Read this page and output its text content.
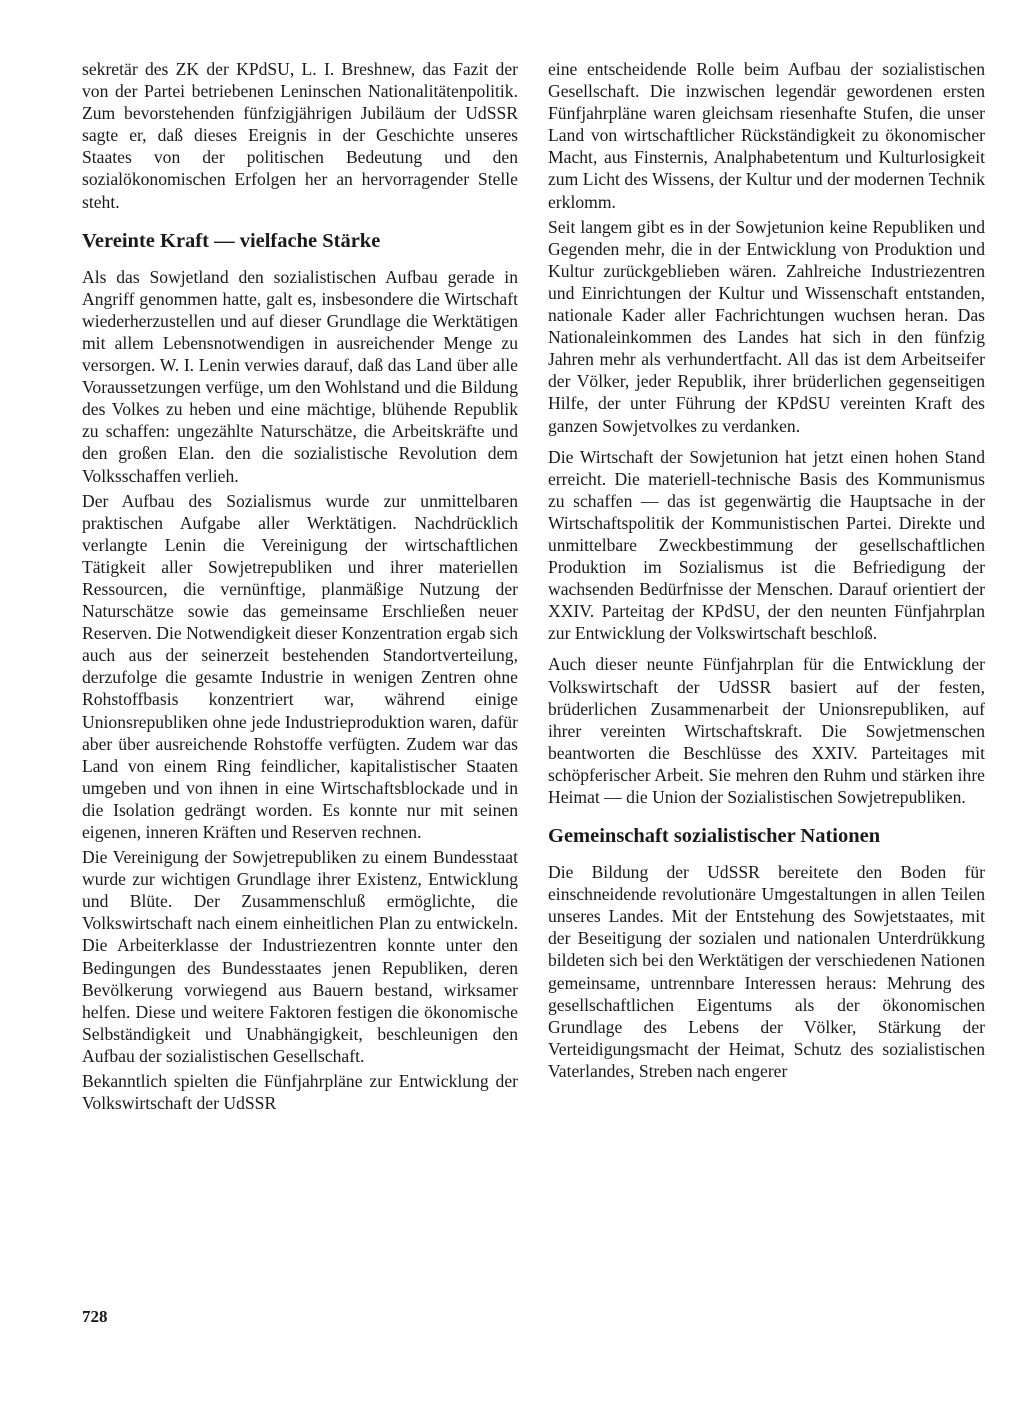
sekretär des ZK der KPdSU, L. I. Breshnew, das Fazit der von der Partei betriebenen Leninschen Nationalitätenpolitik. Zum bevorstehenden fünfzigjährigen Jubiläum der UdSSR sagte er, daß dieses Ereignis in der Geschichte unseres Staates von der politischen Bedeutung und den sozialökonomischen Erfolgen her an hervorragender Stelle steht.

Vereinte Kraft — vielfache Stärke

Als das Sowjetland den sozialistischen Aufbau gerade in Angriff genommen hatte, galt es, insbesondere die Wirtschaft wiederherzustellen und auf dieser Grundlage die Werktätigen mit allem Lebensnotwendigen in ausreichender Menge zu versorgen. W. I. Lenin verwies darauf, daß das Land über alle Voraussetzungen verfüge, um den Wohlstand und die Bildung des Volkes zu heben und eine mächtige, blühende Republik zu schaffen: ungezählte Naturschätze, die Arbeitskräfte und den großen Elan. den die sozialistische Revolution dem Volksschaffen verlieh.

Der Aufbau des Sozialismus wurde zur unmittelbaren praktischen Aufgabe aller Werktätigen. Nachdrücklich verlangte Lenin die Vereinigung der wirtschaftlichen Tätigkeit aller Sowjetrepubliken und ihrer materiellen Ressourcen, die vernünftige, planmäßige Nutzung der Naturschätze sowie das gemeinsame Erschließen neuer Reserven. Die Notwendigkeit dieser Konzentration ergab sich auch aus der seinerzeit bestehenden Standortverteilung, derzufolge die gesamte Industrie in wenigen Zentren ohne Rohstoffbasis konzentriert war, während einige Unionsrepubliken ohne jede Industrieproduktion waren, dafür aber über ausreichende Rohstoffe verfügten. Zudem war das Land von einem Ring feindlicher, kapitalistischer Staaten umgeben und von ihnen in eine Wirtschaftsblockade und in die Isolation gedrängt worden. Es konnte nur mit seinen eigenen, inneren Kräften und Reserven rechnen.

Die Vereinigung der Sowjetrepubliken zu einem Bundesstaat wurde zur wichtigen Grundlage ihrer Existenz, Entwicklung und Blüte. Der Zusammenschluß ermöglichte, die Volkswirtschaft nach einem einheitlichen Plan zu entwickeln. Die Arbeiterklasse der Industriezentren konnte unter den Bedingungen des Bundesstaates jenen Republiken, deren Bevölkerung vorwiegend aus Bauern bestand, wirksamer helfen. Diese und weitere Faktoren festigen die ökonomische Selbständigkeit und Unabhängigkeit, beschleunigen den Aufbau der sozialistischen Gesellschaft.

Bekanntlich spielten die Fünfjahrpläne zur Entwicklung der Volkswirtschaft der UdSSR

eine entscheidende Rolle beim Aufbau der sozialistischen Gesellschaft. Die inzwischen legendär gewordenen ersten Fünfjahrpläne waren gleichsam riesenhafte Stufen, die unser Land von wirtschaftlicher Rückständigkeit zu ökonomischer Macht, aus Finsternis, Analphabetentum und Kulturlosigkeit zum Licht des Wissens, der Kultur und der modernen Technik erklomm.

Seit langem gibt es in der Sowjetunion keine Republiken und Gegenden mehr, die in der Entwicklung von Produktion und Kultur zurückgeblieben wären. Zahlreiche Industriezentren und Einrichtungen der Kultur und Wissenschaft entstanden, nationale Kader aller Fachrichtungen wuchsen heran. Das Nationaleinkommen des Landes hat sich in den fünfzig Jahren mehr als verhundertfacht. All das ist dem Arbeitseifer der Völker, jeder Republik, ihrer brüderlichen gegenseitigen Hilfe, der unter Führung der KPdSU vereinten Kraft des ganzen Sowjetvolkes zu verdanken.

Die Wirtschaft der Sowjetunion hat jetzt einen hohen Stand erreicht. Die materiell-technische Basis des Kommunismus zu schaffen — das ist gegenwärtig die Hauptsache in der Wirtschaftspolitik der Kommunistischen Partei. Direkte und unmittelbare Zweckbestimmung der gesellschaftlichen Produktion im Sozialismus ist die Befriedigung der wachsenden Bedürfnisse der Menschen. Darauf orientiert der XXIV. Parteitag der KPdSU, der den neunten Fünfjahrplan zur Entwicklung der Volkswirtschaft beschloß.

Auch dieser neunte Fünfjahrplan für die Entwicklung der Volkswirtschaft der UdSSR basiert auf der festen, brüderlichen Zusammenarbeit der Unionsrepubliken, auf ihrer vereinten Wirtschaftskraft. Die Sowjetmenschen beantworten die Beschlüsse des XXIV. Parteitages mit schöpferischer Arbeit. Sie mehren den Ruhm und stärken ihre Heimat — die Union der Sozialistischen Sowjetrepubliken.

Gemeinschaft sozialistischer Nationen

Die Bildung der UdSSR bereitete den Boden für einschneidende revolutionäre Umgestaltungen in allen Teilen unseres Landes. Mit der Entstehung des Sowjetstaates, mit der Beseitigung der sozialen und nationalen Unterdrükkung bildeten sich bei den Werktätigen der verschiedenen Nationen gemeinsame, untrennbare Interessen heraus: Mehrung des gesellschaftlichen Eigentums als der ökonomischen Grundlage des Lebens der Völker, Stärkung der Verteidigungsmacht der Heimat, Schutz des sozialistischen Vaterlandes, Streben nach engerer

728
